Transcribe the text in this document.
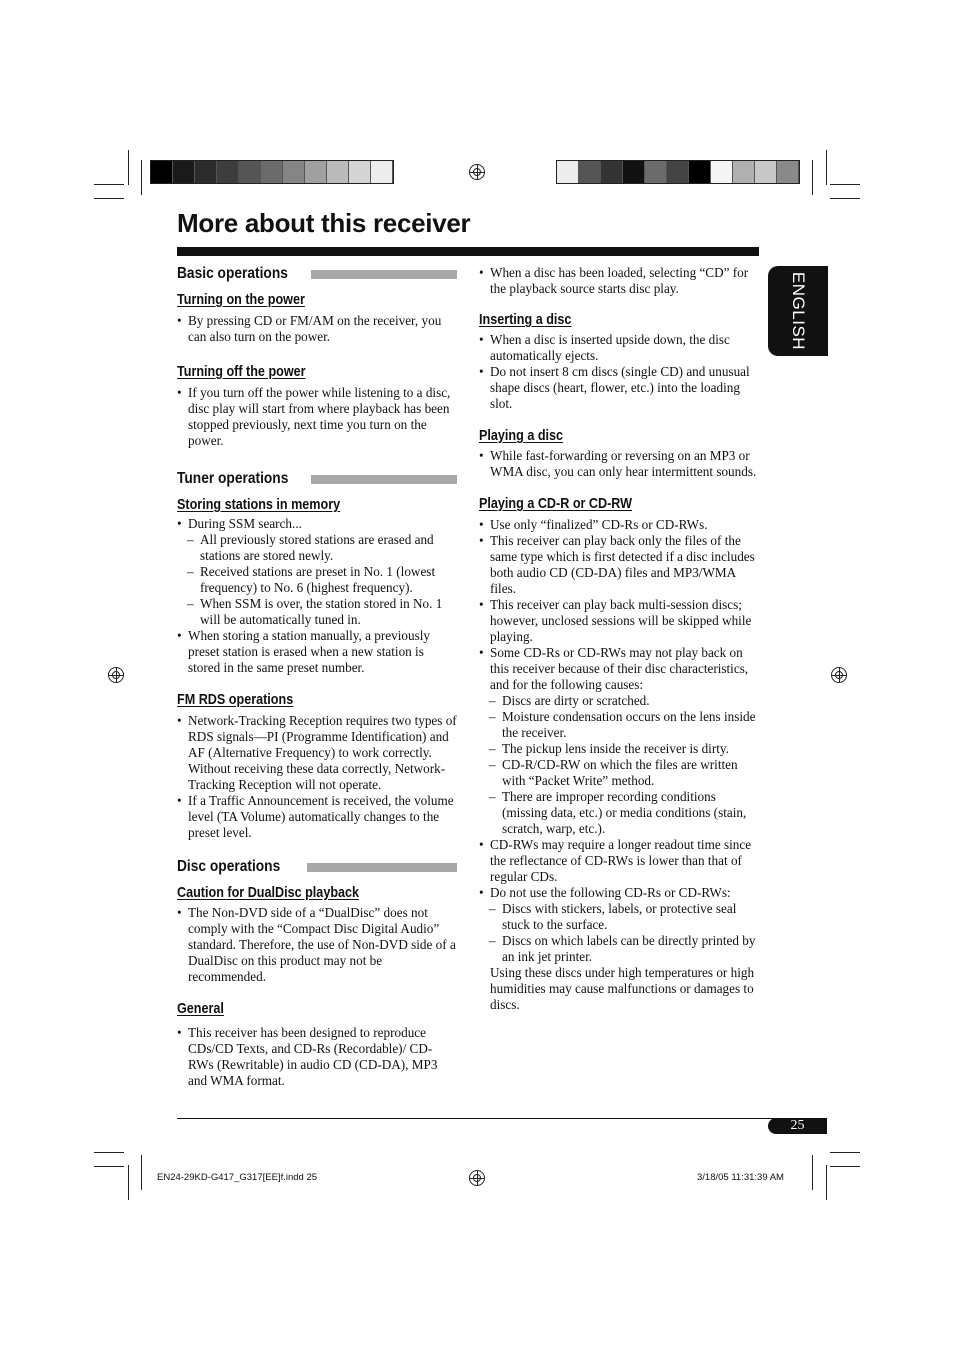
More about this receiver
ENGLISH
Basic operations
Turning on the power
• By pressing CD or FM/AM on the receiver, you can also turn on the power.
Turning off the power
• If you turn off the power while listening to a disc, disc play will start from where playback has been stopped previously, next time you turn on the power.
Tuner operations
Storing stations in memory
• During SSM search...
– All previously stored stations are erased and stations are stored newly.
– Received stations are preset in No. 1 (lowest frequency) to No. 6 (highest frequency).
– When SSM is over, the station stored in No. 1 will be automatically tuned in.
• When storing a station manually, a previously preset station is erased when a new station is stored in the same preset number.
FM RDS operations
• Network-Tracking Reception requires two types of RDS signals—PI (Programme Identification) and AF (Alternative Frequency) to work correctly. Without receiving these data correctly, Network-Tracking Reception will not operate.
• If a Traffic Announcement is received, the volume level (TA Volume) automatically changes to the preset level.
Disc operations
Caution for DualDisc playback
• The Non-DVD side of a “DualDisc” does not comply with the “Compact Disc Digital Audio” standard. Therefore, the use of Non-DVD side of a DualDisc on this product may not be recommended.
General
• This receiver has been designed to reproduce CDs/CD Texts, and CD-Rs (Recordable)/ CD-RWs (Rewritable) in audio CD (CD-DA), MP3 and WMA format.
• When a disc has been loaded, selecting “CD” for the playback source starts disc play.
Inserting a disc
• When a disc is inserted upside down, the disc automatically ejects.
• Do not insert 8 cm discs (single CD) and unusual shape discs (heart, flower, etc.) into the loading slot.
Playing a disc
• While fast-forwarding or reversing on an MP3 or WMA disc, you can only hear intermittent sounds.
Playing a CD-R or CD-RW
• Use only “finalized” CD-Rs or CD-RWs.
• This receiver can play back only the files of the same type which is first detected if a disc includes both audio CD (CD-DA) files and MP3/WMA files.
• This receiver can play back multi-session discs; however, unclosed sessions will be skipped while playing.
• Some CD-Rs or CD-RWs may not play back on this receiver because of their disc characteristics, and for the following causes:
– Discs are dirty or scratched.
– Moisture condensation occurs on the lens inside the receiver.
– The pickup lens inside the receiver is dirty.
– CD-R/CD-RW on which the files are written with “Packet Write” method.
– There are improper recording conditions (missing data, etc.) or media conditions (stain, scratch, warp, etc.).
• CD-RWs may require a longer readout time since the reflectance of CD-RWs is lower than that of regular CDs.
• Do not use the following CD-Rs or CD-RWs:
– Discs with stickers, labels, or protective seal stuck to the surface.
– Discs on which labels can be directly printed by an ink jet printer.
Using these discs under high temperatures or high humidities may cause malfunctions or damages to discs.
25
EN24-29KD-G417_G317[EE]f.indd 25	3/18/05 11:31:39 AM
